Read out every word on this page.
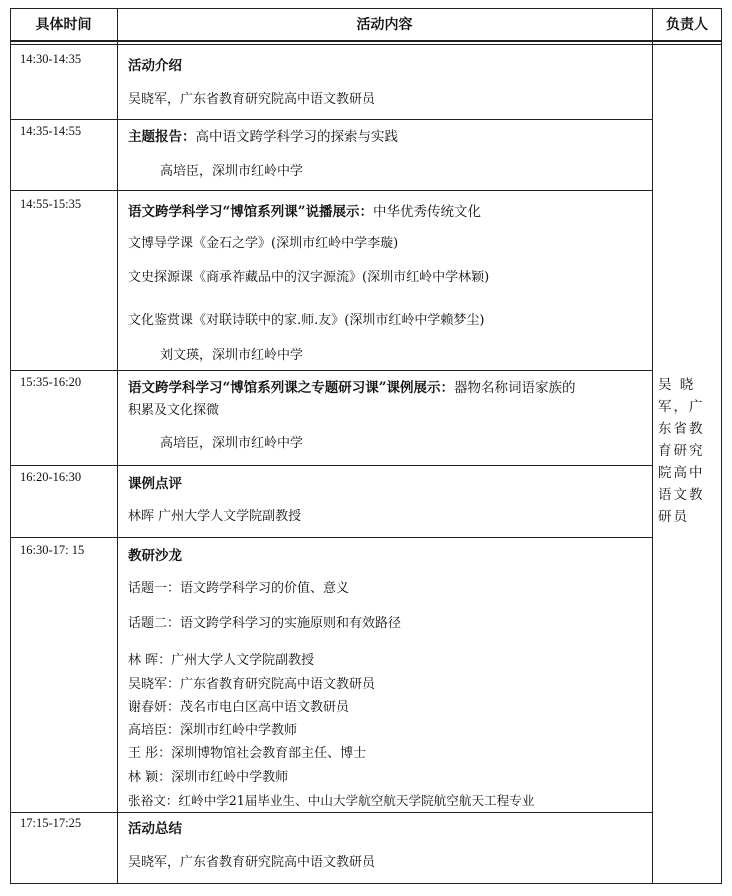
具体时间	活动内容	负责人
14:30-14:35	活动介绍
吴晓军，广东省教育研究院高中语文教研员
14:35-14:55	主题报告：高中语文跨学科学习的探索与实践
高培臣，深圳市红岭中学
14:55-15:35	语文跨学科学习“博馆系列课”说播展示：中华优秀传统文化
文博导学课《金石之学》(深圳市红岭中学李璇)
文史探源课《商承祚藏品中的汉字源流》(深圳市红岭中学林颖)
文化鉴赏课《对联诗联中的家.师.友》(深圳市红岭中学赖梦尘)
刘文瑛，深圳市红岭中学
15:35-16:20	语文跨学科学习“博馆系列课之专题研习课”课例展示：器物名称词语家族的
积累及文化探微
高培臣，深圳市红岭中学
16:20-16:30	课例点评
林晖 广州大学人文学院副教授
16:30-17: 15	教研沙龙
话题一：语文跨学科学习的价值、意义
话题二：语文跨学科学习的实施原则和有效路径
林 晖：广州大学人文学院副教授
吴晓军：广东省教育研究院高中语文教研员
谢春妍：茂名市电白区高中语文教研员
高培臣：深圳市红岭中学教师
王 彤：深圳博物馆社会教育部主任、博士
林 颖：深圳市红岭中学教师
张裕文：红岭中学21届毕业生、中山大学航空航天学院航空航天工程专业
17:15-17:25	活动总结
吴晓军，广东省教育研究院高中语文教研员
吴 晓军，广东省教育研究院高中语文教研员
